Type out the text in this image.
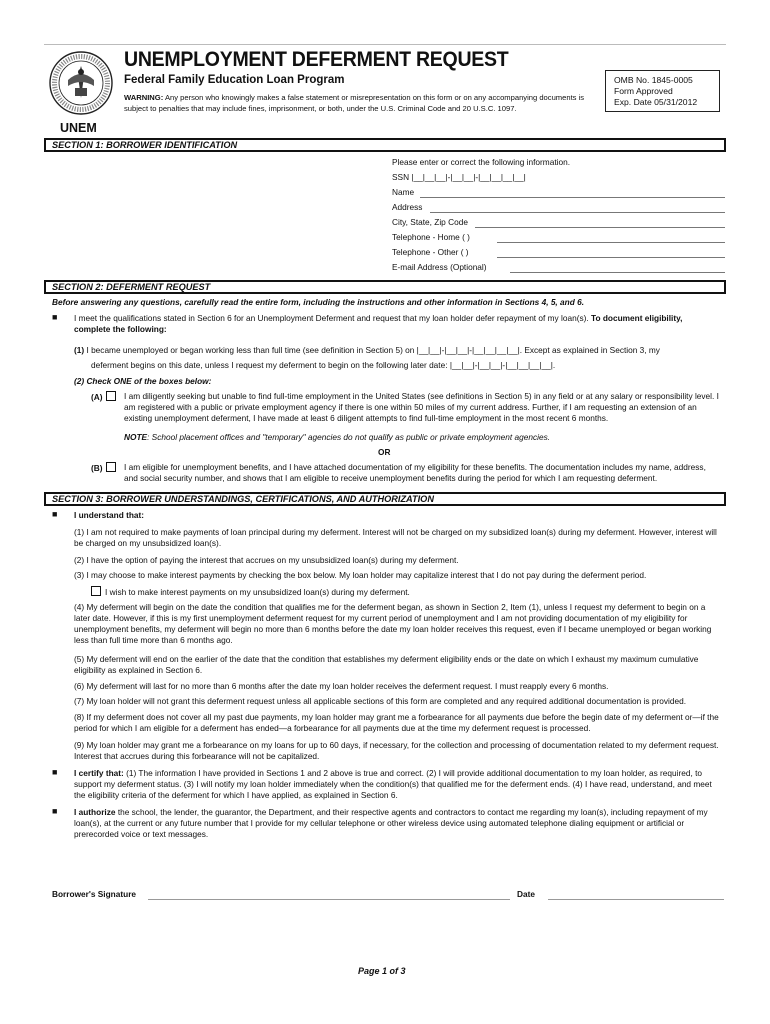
UNEMPLOYMENT DEFERMENT REQUEST
Federal Family Education Loan Program
WARNING: Any person who knowingly makes a false statement or misrepresentation on this form or on any accompanying documents is subject to penalties that may include fines, imprisonment, or both, under the U.S. Criminal Code and 20 U.S.C. 1097.
OMB No. 1845-0005
Form Approved
Exp. Date 05/31/2012
UNEM
SECTION 1: BORROWER IDENTIFICATION
Please enter or correct the following information.
SSN |__|__|__|-|__|__|-|__|__|__|__|
Name
Address
City, State, Zip Code
Telephone - Home ( )
Telephone - Other ( )
E-mail Address (Optional)
SECTION 2: DEFERMENT REQUEST
Before answering any questions, carefully read the entire form, including the instructions and other information in Sections 4, 5, and 6.
■ I meet the qualifications stated in Section 6 for an Unemployment Deferment and request that my loan holder defer repayment of my loan(s). To document eligibility, complete the following:
(1) I became unemployed or began working less than full time (see definition in Section 5) on |__|__|-|__|__|-|__|__|__|__|. Except as explained in Section 3, my
deferment begins on this date, unless I request my deferment to begin on the following later date: |__|__|-|__|__|-|__|__|__|__|.
(2) Check ONE of the boxes below:
(A)	I am diligently seeking but unable to find full-time employment in the United States (see definitions in Section 5) in any field or at any salary or responsibility level. I am registered with a public or private employment agency if there is one within 50 miles of my current address. Further, if I am requesting an extension of an existing unemployment deferment, I have made at least 6 diligent attempts to find full-time employment in the most recent 6 months.
NOTE: School placement offices and "temporary" agencies do not qualify as public or private employment agencies.
OR
(B)	I am eligible for unemployment benefits, and I have attached documentation of my eligibility for these benefits. The documentation includes my name, address, and social security number, and shows that I am eligible to receive unemployment benefits during the period for which I am requesting deferment.
SECTION 3: BORROWER UNDERSTANDINGS, CERTIFICATIONS, AND AUTHORIZATION
■ I understand that:
(1) I am not required to make payments of loan principal during my deferment. Interest will not be charged on my subsidized loan(s) during my deferment. However, interest will be charged on my unsubsidized loan(s).
(2) I have the option of paying the interest that accrues on my unsubsidized loan(s) during my deferment.
(3) I may choose to make interest payments by checking the box below. My loan holder may capitalize interest that I do not pay during the deferment period.
I wish to make interest payments on my unsubsidized loan(s) during my deferment.
(4) My deferment will begin on the date the condition that qualifies me for the deferment began, as shown in Section 2, Item (1), unless I request my deferment to begin on a later date. However, if this is my first unemployment deferment request for my current period of unemployment and I am not providing documentation of my eligibility for unemployment benefits, my deferment will begin no more than 6 months before the date my loan holder receives this request, even if I became unemployed or began working less than full time more than 6 months ago.
(5) My deferment will end on the earlier of the date that the condition that establishes my deferment eligibility ends or the date on which I exhaust my maximum cumulative eligibility as explained in Section 6.
(6) My deferment will last for no more than 6 months after the date my loan holder receives the deferment request. I must reapply every 6 months.
(7) My loan holder will not grant this deferment request unless all applicable sections of this form are completed and any required additional documentation is provided.
(8) If my deferment does not cover all my past due payments, my loan holder may grant me a forbearance for all payments due before the begin date of my deferment or—if the period for which I am eligible for a deferment has ended—a forbearance for all payments due at the time my deferment request is processed.
(9) My loan holder may grant me a forbearance on my loans for up to 60 days, if necessary, for the collection and processing of documentation related to my deferment request. Interest that accrues during this forbearance will not be capitalized.
■ I certify that: (1) The information I have provided in Sections 1 and 2 above is true and correct. (2) I will provide additional documentation to my loan holder, as required, to support my deferment status. (3) I will notify my loan holder immediately when the condition(s) that qualified me for the deferment ends. (4) I have read, understand, and meet the eligibility criteria of the deferment for which I have applied, as explained in Section 6.
■ I authorize the school, the lender, the guarantor, the Department, and their respective agents and contractors to contact me regarding my loan(s), including repayment of my loan(s), at the current or any future number that I provide for my cellular telephone or other wireless device using automated telephone dialing equipment or artificial or prerecorded voice or text messages.
Borrower's Signature	Date
Page 1 of 3
